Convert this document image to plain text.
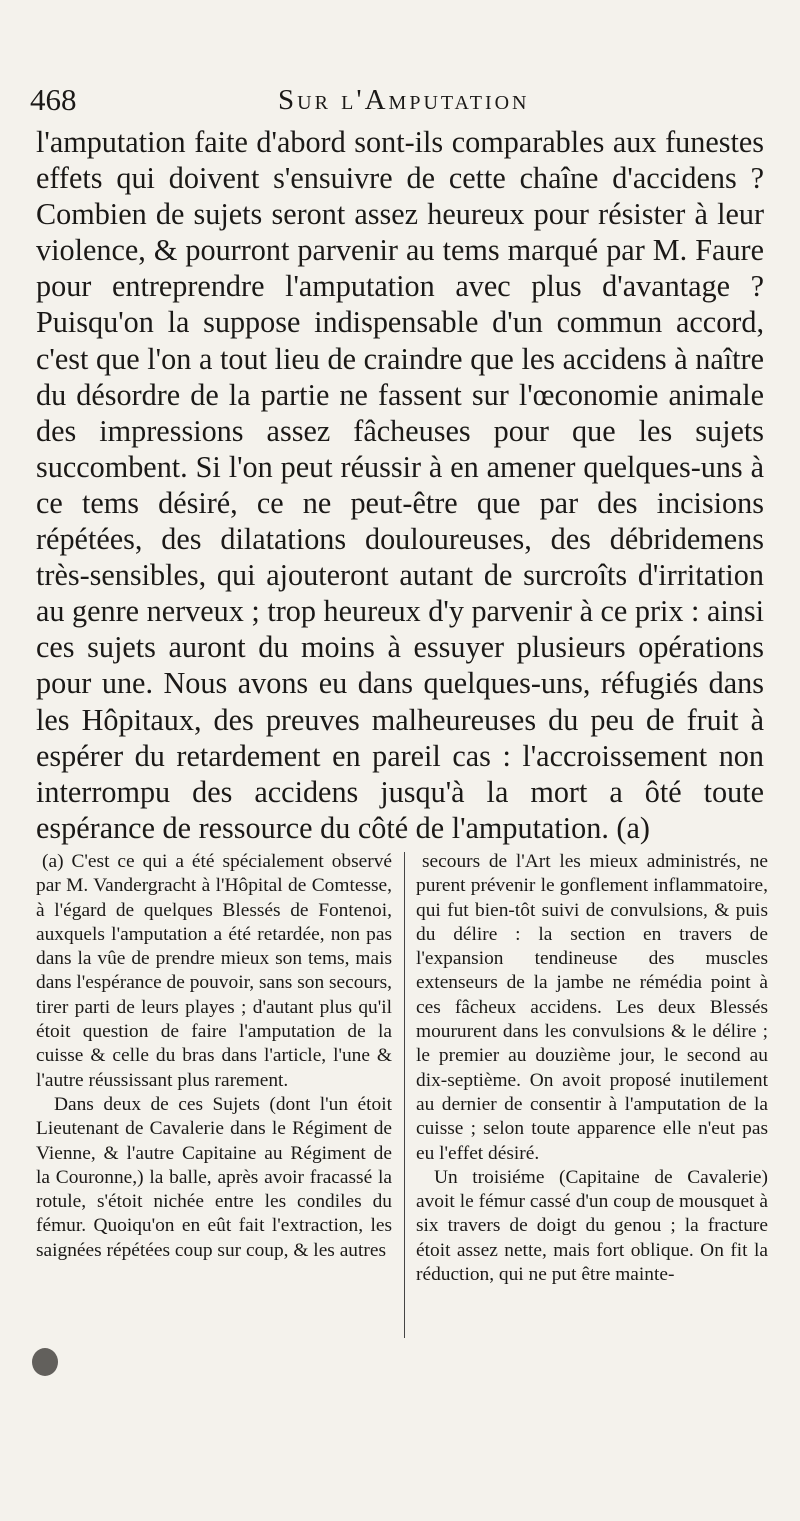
468	Sur l'Amputation

l'amputation faite d'abord sont-ils comparables aux funestes effets qui doivent s'ensuivre de cette chaîne d'accidens ? Combien de sujets seront assez heureux pour résister à leur violence, & pourront parvenir au tems marqué par M. Faure pour entreprendre l'amputation avec plus d'avantage ? Puisqu'on la suppose indispensable d'un commun accord, c'est que l'on a tout lieu de craindre que les accidens à naître du désordre de la partie ne fassent sur l'œconomie animale des impressions assez fâcheuses pour que les sujets succombent. Si l'on peut réussir à en amener quelques-uns à ce tems désiré, ce ne peut-être que par des incisions répétées, des dilatations douloureuses, des débridemens très-sensibles, qui ajouteront autant de surcroîts d'irritation au genre nerveux ; trop heureux d'y parvenir à ce prix : ainsi ces sujets auront du moins à essuyer plusieurs opérations pour une. Nous avons eu dans quelques-uns, réfugiés dans les Hôpitaux, des preuves malheureuses du peu de fruit à espérer du retardement en pareil cas : l'accroissement non interrompu des accidens jusqu'à la mort a ôté toute espérance de ressource du côté de l'amputation. (a)

(a) C'est ce qui a été spécialement observé par M. Vandergracht à l'Hôpital de Comtesse, à l'égard de quelques Blessés de Fontenoi, auxquels l'amputation a été retardée, non pas dans la vûe de prendre mieux son tems, mais dans l'espérance de pouvoir, sans son secours, tirer parti de leurs playes ; d'autant plus qu'il étoit question de faire l'amputation de la cuisse & celle du bras dans l'article, l'une & l'autre réussissant plus rarement.

Dans deux de ces Sujets (dont l'un étoit Lieutenant de Cavalerie dans le Régiment de Vienne, & l'autre Capitaine au Régiment de la Couronne,) la balle, après avoir fracassé la rotule, s'étoit nichée entre les condiles du fémur. Quoiqu'on en eût fait l'extraction, les saignées répétées coup sur coup, & les autres

secours de l'Art les mieux administrés, ne purent prévenir le gonflement inflammatoire, qui fut bien-tôt suivi de convulsions, & puis du délire : la section en travers de l'expansion tendineuse des muscles extenseurs de la jambe ne rémédia point à ces fâcheux accidens. Les deux Blessés moururent dans les convulsions & le délire ; le premier au douzième jour, le second au dix-septième. On avoit proposé inutilement au dernier de consentir à l'amputation de la cuisse ; selon toute apparence elle n'eut pas eu l'effet désiré.

Un troisiéme (Capitaine de Cavalerie) avoit le fémur cassé d'un coup de mousquet à six travers de doigt du genou ; la fracture étoit assez nette, mais fort oblique. On fit la réduction, qui ne put être mainte-
